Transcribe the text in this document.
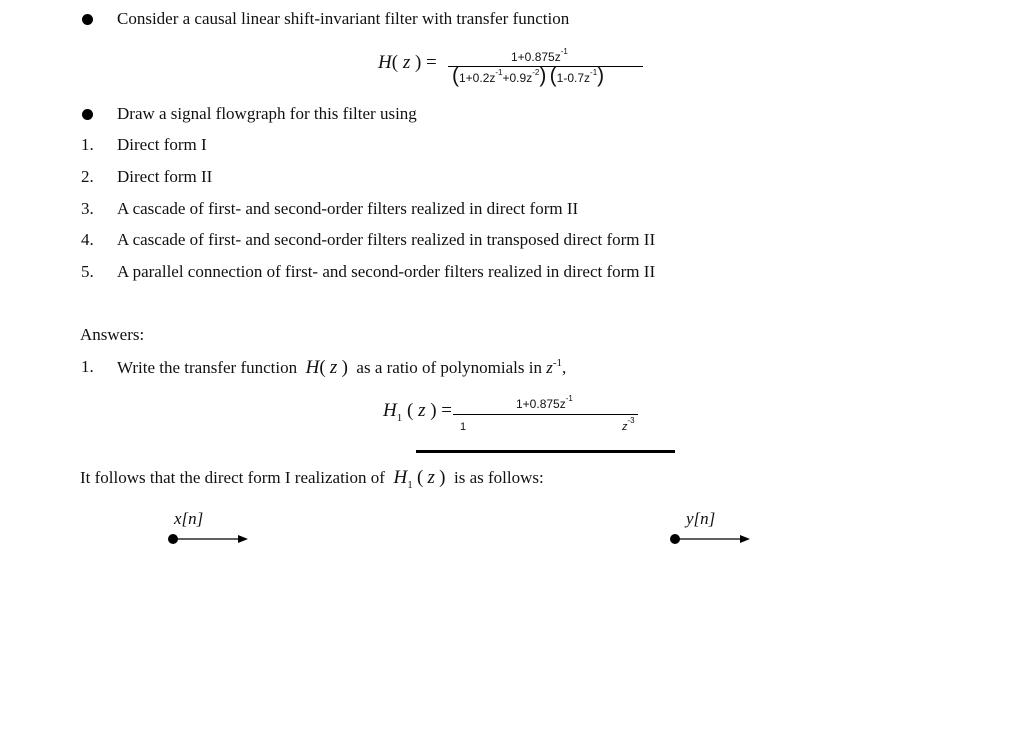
Consider a causal linear shift-invariant filter with transfer function
H( z ) =	$1+0.875z^{-1}$
$(1+0.2z^{-1}+0.9z^{-2})$ $(1-0.7z^{-1})$
Draw a signal flowgraph for this filter using
1. Direct form I
2. Direct form II
3. A cascade of first- and second-order filters realized in direct form II
4. A cascade of first- and second-order filters realized in transposed direct form II
5. A parallel connection of first- and second-order filters realized in direct form II
Answers:
1. Write the transfer function H( z ) as a ratio of polynomials in $z^{-1}$,
$H_1$ ( z ) =	$1+0.875z^{-1}$
1	$z^{-3}$
It follows that the direct form I realization of $H_1$ ( z ) is as follows:
x[n]	y[n]
